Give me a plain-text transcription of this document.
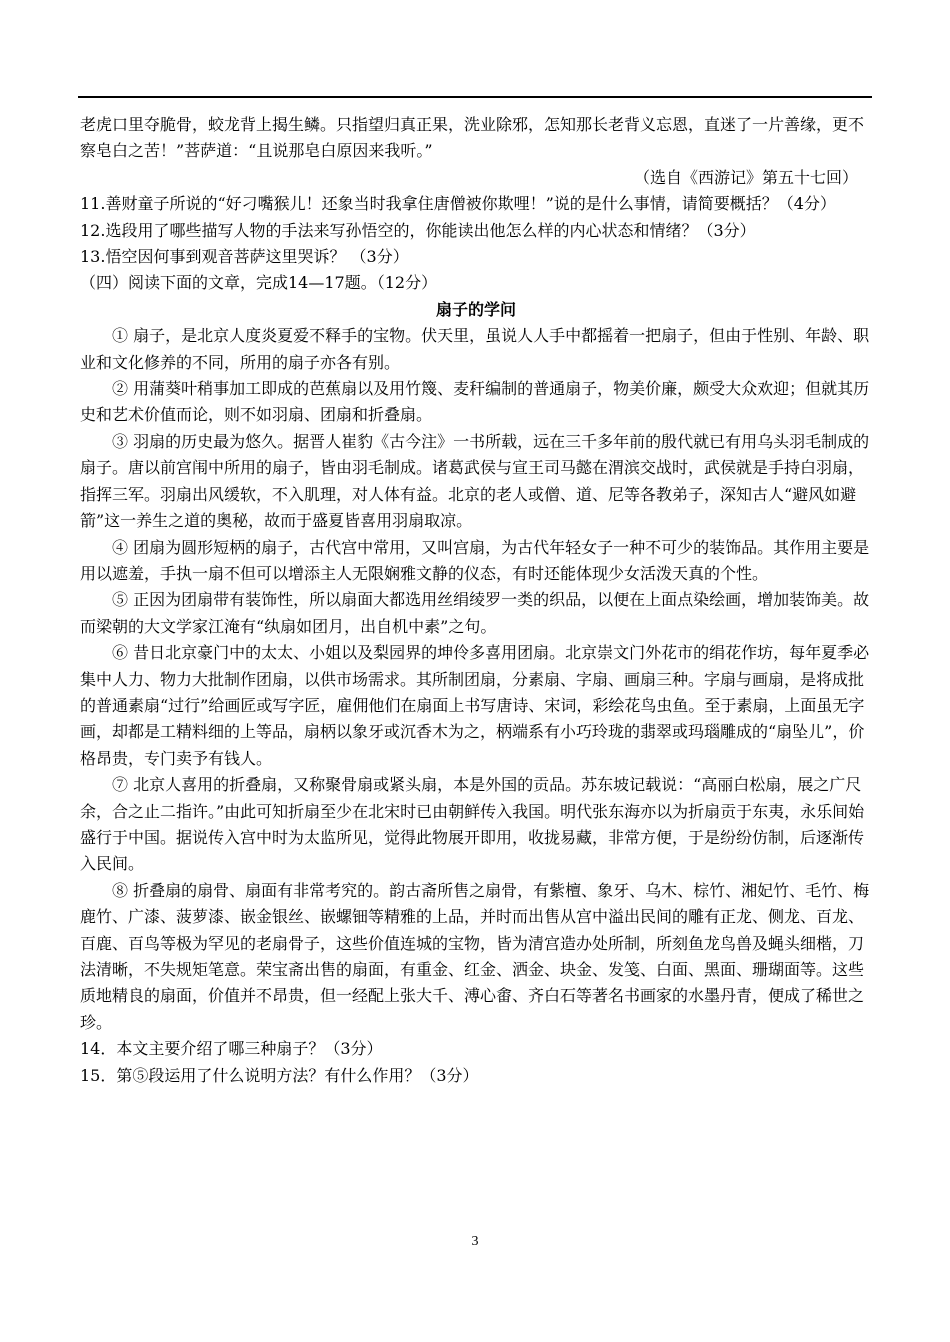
老虎口里夺脆骨，蛟龙背上揭生鳞。只指望归真正果，洗业除邪，怎知那长老背义忘恩，直迷了一片善缘，更不察皂白之苦！”菩萨道：“且说那皂白原因来我听。”

（选自《西游记》第五十七回）

11.善财童子所说的“好刁嘴猴儿！还象当时我拿住唐僧被你欺哩！”说的是什么事情，请简要概括？（4分）

12.选段用了哪些描写人物的手法来写孙悟空的，你能读出他怎么样的内心状态和情绪？（3分）

13.悟空因何事到观音菩萨这里哭诉？ （3分）

（四）阅读下面的文章，完成14—17题。（12分）

扇子的学问

① 扇子，是北京人度炎夏爱不释手的宝物。伏天里，虽说人人手中都摇着一把扇子，但由于性别、年龄、职业和文化修养的不同，所用的扇子亦各有别。

② 用蒲葵叶稍事加工即成的芭蕉扇以及用竹篾、麦秆编制的普通扇子，物美价廉，颇受大众欢迎；但就其历史和艺术价值而论，则不如羽扇、团扇和折叠扇。

③ 羽扇的历史最为悠久。据晋人崔豹《古今注》一书所载，远在三千多年前的殷代就已有用乌头羽毛制成的扇子。唐以前宫闱中所用的扇子，皆由羽毛制成。诸葛武侯与宣王司马懿在渭滨交战时，武侯就是手持白羽扇，指挥三军。羽扇出风缓软，不入肌理，对人体有益。北京的老人或僧、道、尼等各教弟子，深知古人“避风如避箭”这一养生之道的奥秘，故而于盛夏皆喜用羽扇取凉。

④ 团扇为圆形短柄的扇子，古代宫中常用，又叫宫扇，为古代年轻女子一种不可少的装饰品。其作用主要是用以遮羞，手执一扇不但可以增添主人无限娴雅文静的仪态，有时还能体现少女活泼天真的个性。

⑤ 正因为团扇带有装饰性，所以扇面大都选用丝绢绫罗一类的织品，以便在上面点染绘画，增加装饰美。故而梁朝的大文学家江淹有“纨扇如团月，出自机中素”之句。

⑥ 昔日北京豪门中的太太、小姐以及梨园界的坤伶多喜用团扇。北京崇文门外花市的绢花作坊，每年夏季必集中人力、物力大批制作团扇，以供市场需求。其所制团扇，分素扇、字扇、画扇三种。字扇与画扇，是将成批的普通素扇“过行”给画匠或写字匠，雇佣他们在扇面上书写唐诗、宋词，彩绘花鸟虫鱼。至于素扇，上面虽无字画，却都是工精料细的上等品，扇柄以象牙或沉香木为之，柄端系有小巧玲珑的翡翠或玛瑙雕成的“扇坠儿”，价格昂贵，专门卖予有钱人。

⑦ 北京人喜用的折叠扇，又称聚骨扇或紧头扇，本是外国的贡品。苏东坡记载说：“高丽白松扇，展之广尺余，合之止二指许。”由此可知折扇至少在北宋时已由朝鲜传入我国。明代张东海亦以为折扇贡于东夷，永乐间始盛行于中国。据说传入宫中时为太监所见，觉得此物展开即用，收拢易藏，非常方便，于是纷纷仿制，后逐渐传入民间。

⑧ 折叠扇的扇骨、扇面有非常考究的。韵古斋所售之扇骨，有紫檀、象牙、乌木、棕竹、湘妃竹、毛竹、梅鹿竹、广漆、菠萝漆、嵌金银丝、嵌螺钿等精雅的上品，并时而出售从宫中溢出民间的雕有正龙、侧龙、百龙、百鹿、百鸟等极为罕见的老扇骨子，这些价值连城的宝物，皆为清宫造办处所制，所刻鱼龙鸟兽及蝇头细楷，刀法清晰，不失规矩笔意。荣宝斋出售的扇面，有重金、红金、洒金、块金、发笺、白面、黑面、珊瑚面等。这些质地精良的扇面，价值并不昂贵，但一经配上张大千、溥心畬、齐白石等著名书画家的水墨丹青，便成了稀世之珍。

14．本文主要介绍了哪三种扇子？（3分）

15．第⑤段运用了什么说明方法？有什么作用？（3分）

3
